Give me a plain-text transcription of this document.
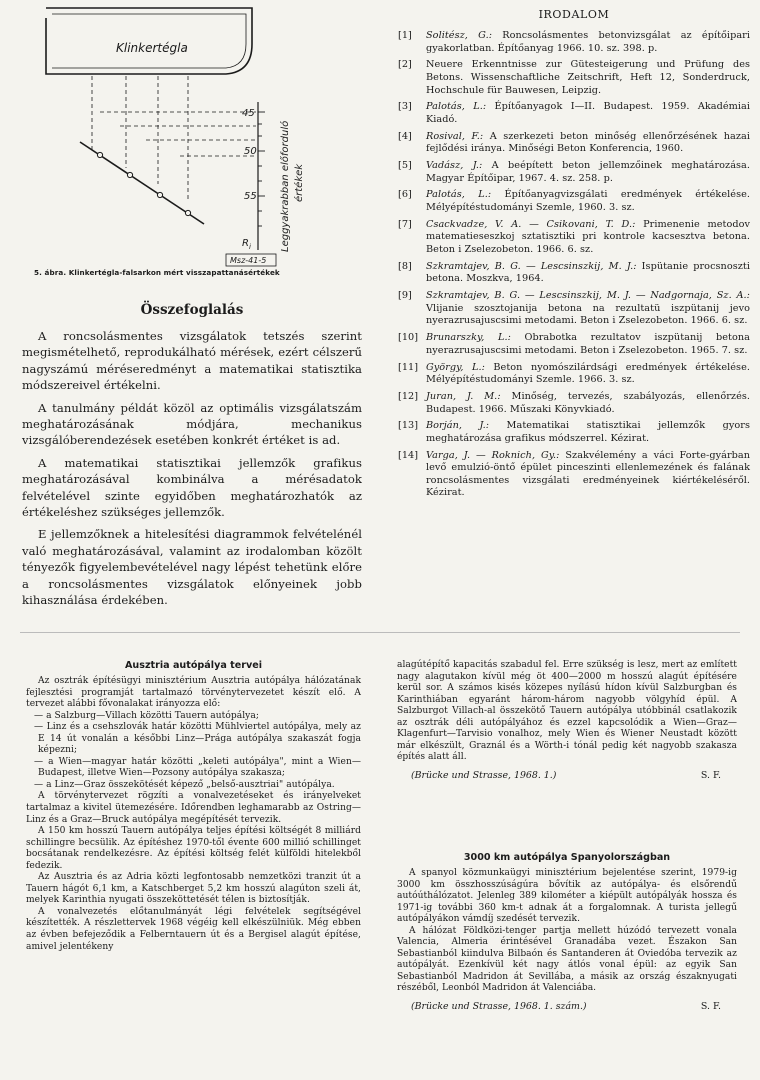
Klinkertégla
45
50
55
$R_i$	Leggyakrabban előforduló értékek
Msz-41-5
5. ábra. Klinkertégla-falsarkon mért visszapattanásértékek
Összefoglalás

A roncsolásmentes vizsgálatok tetszés szerint megismételhető, reprodukálható mérések, ezért célszerű nagyszámú méréseredményt a matematikai statisztika módszereivel értékelni.

A tanulmány példát közöl az optimális vizsgálatszám meghatározásának módjára, mechanikus vizsgálóberendezések esetében konkrét értéket is ad.

A matematikai statisztikai jellemzők grafikus meghatározásával kombinálva a mérésadatok felvételével szinte egyidőben meghatározhatók az értékeléshez szükséges jellemzők.

E jellemzőknek a hitelesítési diagrammok felvételénél való meghatározásával, valamint az irodalomban közölt tényezők figyelembevételével nagy lépést tehetünk előre a roncsolásmentes vizsgálatok előnyeinek jobb kihasználása érdekében.

IRODALOM
[1]	Solitész, G.: Roncsolásmentes betonvizsgálat az építőipari gyakorlatban. Építőanyag 1966. 10. sz. 398. p.
[2]	Neuere Erkenntnisse zur Gütesteigerung und Prüfung des Betons. Wissenschaftliche Zeitschrift, Heft 12, Sonderdruck, Hochschule für Bauwesen, Leipzig.
[3]	Palotás, L.: Építőanyagok I—II. Budapest. 1959. Akadémiai Kiadó.
[4]	Rosival, F.: A szerkezeti beton minőség ellenőrzésének hazai fejlődési iránya. Minőségi Beton Konferencia, 1960.
[5]	Vadász, J.: A beépített beton jellemzőinek meghatározása. Magyar Építőipar, 1967. 4. sz. 258. p.
[6]	Palotás, L.: Építőanyagvizsgálati eredmények értékelése. Mélyépítéstudományi Szemle, 1960. 3. sz.
[7]	Csackvadze, V. A. — Csikovani, T. D.: Primenenie metodov matematieseszkoj sztatisztiki pri kontrole kacsesztva betona. Beton i Zselezobeton. 1966. 6. sz.
[8]	Szkramtajev, B. G. — Lescsinszkij, M. J.: Ispütanie procsnoszti betona. Moszkva, 1964.
[9]	Szkramtajev, B. G. — Lescsinszkij, M. J. — Nadgornaja, Sz. A.: Vlijanie szosztojanija betona na rezultatü iszpütanij jevo nyerazrusajuscsimi metodami. Beton i Zselezobeton. 1966. 6. sz.
[10] Brunarszky, L.: Obrabotka rezultatov iszpütanij betona nyerazrusajuscsimi metodami. Beton i Zselezobeton. 1965. 7. sz.
[11] György, L.: Beton nyomószilárdsági eredmények értékelése. Mélyépítéstudományi Szemle. 1966. 3. sz.
[12] Juran, J. M.: Minőség, tervezés, szabályozás, ellenőrzés. Budapest. 1966. Műszaki Könyvkiadó.
[13] Borján, J.: Matematikai statisztikai jellemzők gyors meghatározása grafikus módszerrel. Kézirat.
[14] Varga, J. — Roknich, Gy.: Szakvélemény a váci Forte-gyárban levő emulzió-öntő épület pinceszinti ellenlemezének és falának roncsolásmentes vizsgálati eredményeinek kiértékeléséről. Kézirat.
Ausztria autópálya tervei

Az osztrák építésügyi minisztérium Ausztria autópálya hálózatának fejlesztési programját tartalmazó törvénytervezetet készít elő. A tervezet alábbi fővonalakat irányozza elő:

— a Salzburg—Villach közötti Tauern autópálya;

— Linz és a csehszlovák határ közötti Mühlviertel autópálya, mely az E 14 út vonalán a későbbi Linz—Prága autópálya szakaszát fogja képezni;

— a Wien—magyar határ közötti „keleti autópálya", mint a Wien—Budapest, illetve Wien—Pozsony autópálya szakasza;

— a Linz—Graz összekötését képező „belső-ausztriai" autópálya.

A törvénytervezet rögzíti a vonalvezetéseket és irányelveket tartalmaz a kivitel ütemezésére. Időrendben leghamarabb az Ostring—Linz és a Graz—Bruck autópálya megépítését tervezik.

A 150 km hosszú Tauern autópálya teljes építési költségét 8 milliárd schillingre becsülik. Az építéshez 1970-től évente 600 millió schillinget bocsátanak rendelkezésre. Az építési költség felét külföldi hitelekből fedezik.

Az Ausztria és az Adria közti legfontosabb nemzetközi tranzit út a Tauern hágót 6,1 km, a Katschberget 5,2 km hosszú alagúton szeli át, melyek Karinthia nyugati összeköttetését télen is biztosítják.

A vonalvezetés előtanulmányát légi felvételek segítségével készítették. A részlettervek 1968 végéig kell elkészülniük. Még ebben az évben befejeződik a Felberntauern út és a Bergisel alagút építése, amivel jelentékeny

alagútépítő kapacitás szabadul fel. Erre szükség is lesz, mert az említett nagy alagutakon kívül még öt 400—2000 m hosszú alagút építésére kerül sor. A számos kisés közepes nyílású hídon kívül Salzburgban és Karinthiában egyaránt három-három nagyobb völgyhíd épül. A Salzburgot Villach-al összekötő Tauern autópálya utóbbinál csatlakozik az osztrák déli autópályához és ezzel kapcsolódik a Wien—Graz—Klagenfurt—Tarvisio vonalhoz, mely Wien és Wiener Neustadt között már elkészült, Graznál és a Wörth-i tónál pedig két nagyobb szakasza építés alatt áll.

(Brücke und Strasse, 1968. 1.)	S. F.
3000 km autópálya Spanyolországban

A spanyol közmunkaügyi minisztérium bejelentése szerint, 1979-ig 3000 km összhosszúságúra bővítik az autópálya- és elsőrendű autóúthálózatot. Jelenleg 389 kilométer a kiépült autópályák hossza és 1971-ig további 360 km-t adnak át a forgalomnak. A turista jellegű autópályákon vámdíj szedését tervezik.

A hálózat Földközi-tenger partja mellett húzódó tervezett vonala Valencia, Almeria érintésével Granadába vezet. Északon San Sebastianból kiindulva Bilbaón és Santanderen át Oviedóba tervezik az autópályát. Ezenkívül két nagy átlós vonal épül: az egyik San Sebastianból Madridon át Sevillába, a másik az ország északnyugati részéből, Leonból Madridon át Valenciába.

(Brücke und Strasse, 1968. 1. szám.)	S. F.
